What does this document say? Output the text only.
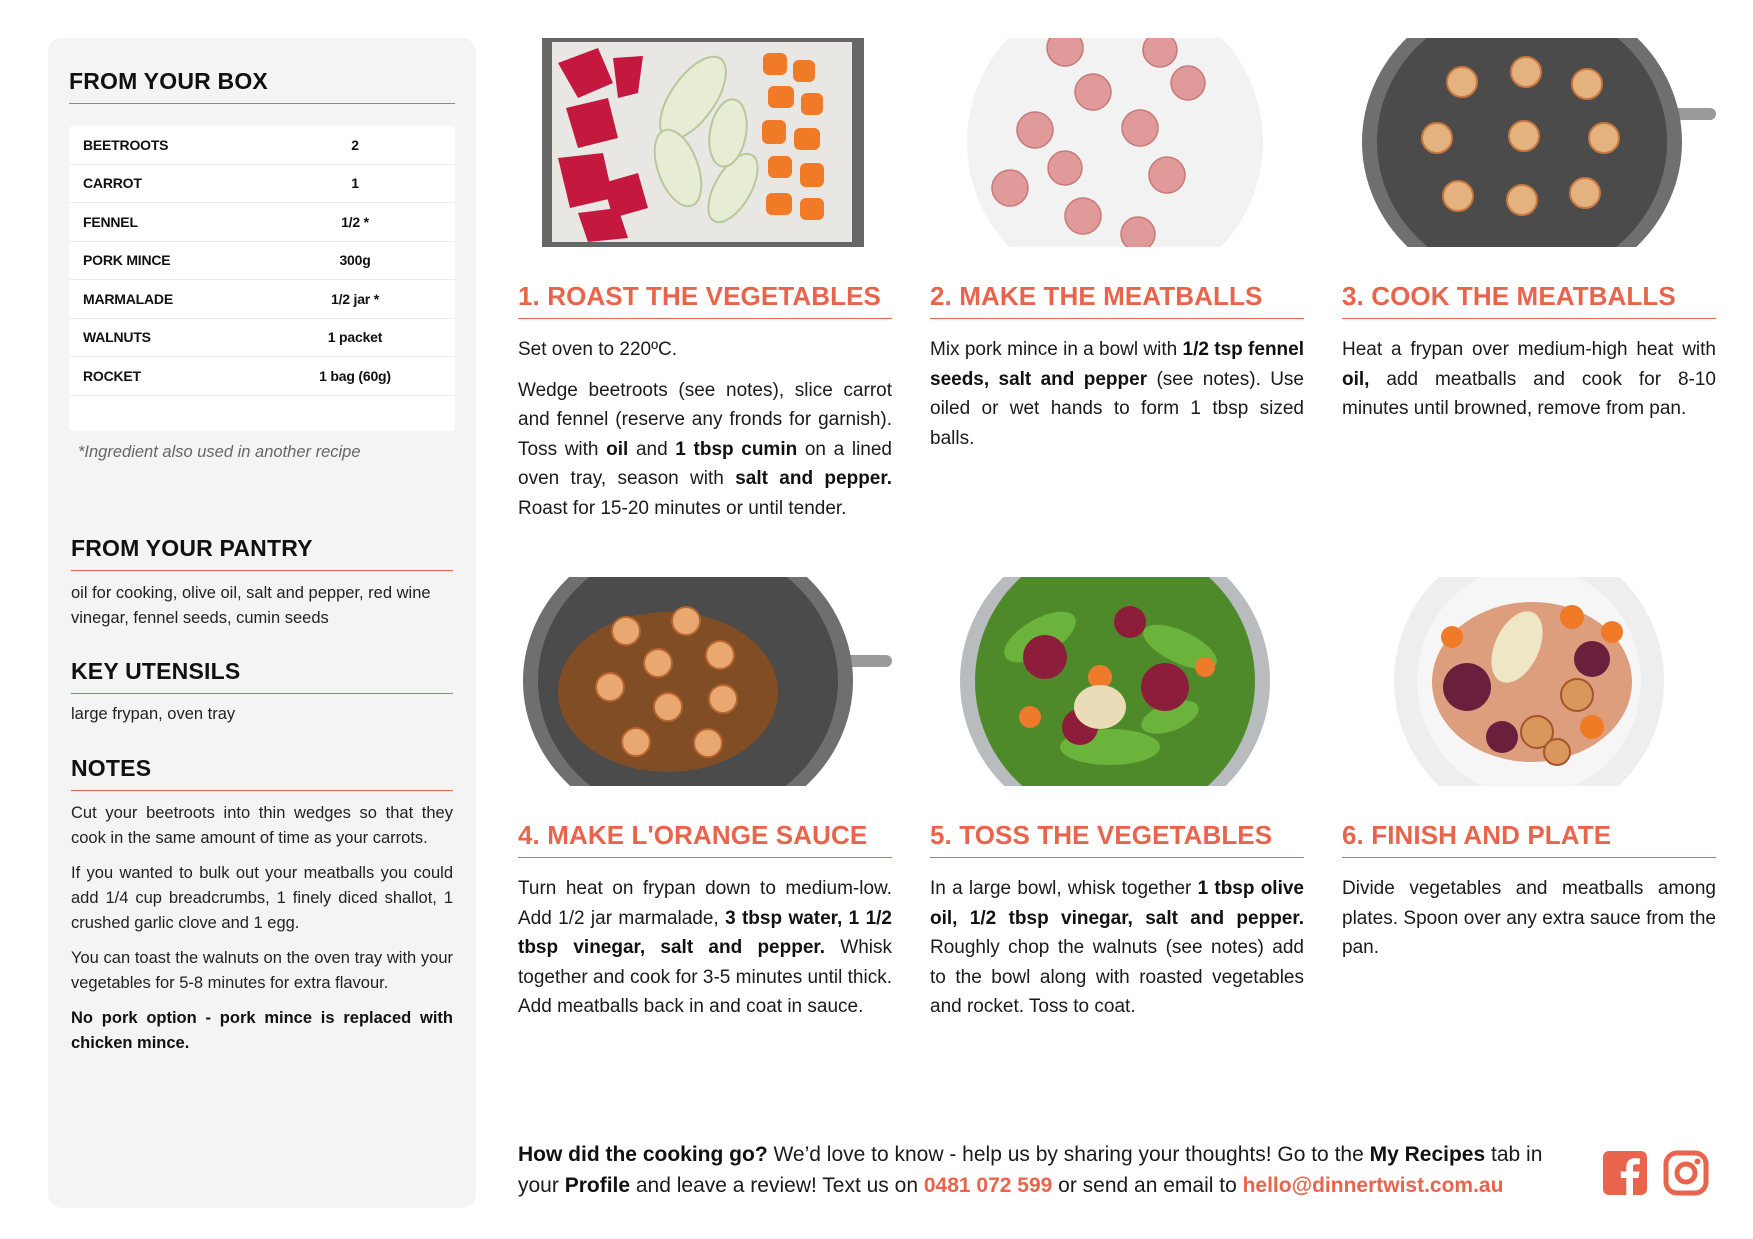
FROM YOUR BOX
BEETROOTS	2
CARROT	1
FENNEL	1/2 *
PORK MINCE	300g
MARMALADE	1/2 jar *
WALNUTS	1 packet
ROCKET	1 bag (60g)
*Ingredient also used in another recipe
FROM YOUR PANTRY
oil for cooking, olive oil, salt and pepper, red wine vinegar, fennel seeds, cumin seeds
KEY UTENSILS
large frypan, oven tray
NOTES

Cut your beetroots into thin wedges so that they cook in the same amount of time as your carrots.

If you wanted to bulk out your meatballs you could add 1/4 cup breadcrumbs, 1 finely diced shallot, 1 crushed garlic clove and 1 egg.

You can toast the walnuts on the oven tray with your vegetables for 5-8 minutes for extra flavour.

No pork option - pork mince is replaced with chicken mince.

1. ROAST THE VEGETABLES

Set oven to 220ºC.

Wedge beetroots (see notes), slice carrot and fennel (reserve any fronds for garnish). Toss with oil and 1 tbsp cumin on a lined oven tray, season with salt and pepper. Roast for 15-20 minutes or until tender.

2. MAKE THE MEATBALLS

Mix pork mince in a bowl with 1/2 tsp fennel seeds, salt and pepper (see notes). Use oiled or wet hands to form 1 tbsp sized balls.

3. COOK THE MEATBALLS

Heat a frypan over medium-high heat with oil, add meatballs and cook for 8-10 minutes until browned, remove from pan.

4. MAKE L'ORANGE SAUCE

Turn heat on frypan down to medium-low. Add 1/2 jar marmalade, 3 tbsp water, 1 1/2 tbsp vinegar, salt and pepper. Whisk together and cook for 3-5 minutes until thick. Add meatballs back in and coat in sauce.

5. TOSS THE VEGETABLES

In a large bowl, whisk together 1 tbsp olive oil, 1/2 tbsp vinegar, salt and pepper. Roughly chop the walnuts (see notes) add to the bowl along with roasted vegetables and rocket. Toss to coat.

6. FINISH AND PLATE

Divide vegetables and meatballs among plates. Spoon over any extra sauce from the pan.

How did the cooking go? We’d love to know - help us by sharing your thoughts! Go to the My Recipes tab in your Profile and leave a review! Text us on 0481 072 599 or send an email to hello@dinnertwist.com.au
